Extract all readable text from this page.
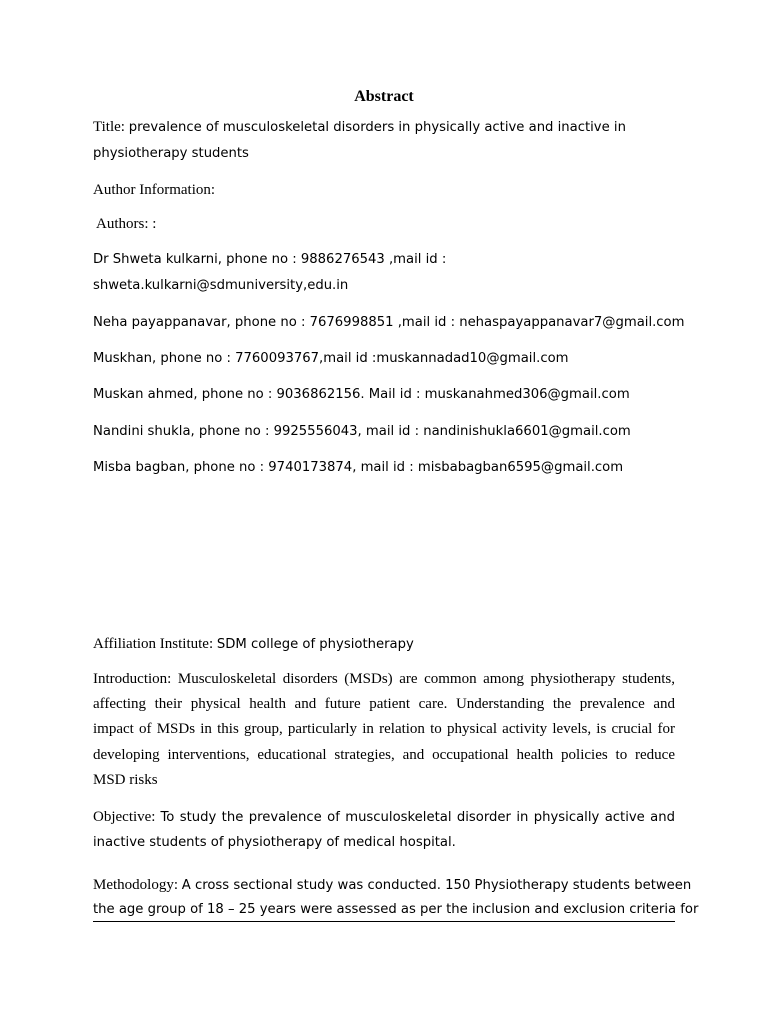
Abstract
Title: prevalence of musculoskeletal disorders in physically active and inactive in
physiotherapy students
Author Information:
Authors: :
Dr Shweta kulkarni, phone no : 9886276543 ,mail id :
shweta.kulkarni@sdmuniversity,edu.in
Neha payappanavar, phone no : 7676998851 ,mail id : nehaspayappanavar7@gmail.com
Muskhan, phone no : 7760093767,mail id :muskannadad10@gmail.com
Muskan ahmed, phone no : 9036862156. Mail id : muskanahmed306@gmail.com
Nandini shukla, phone no : 9925556043, mail id : nandinishukla6601@gmail.com
Misba bagban, phone no : 9740173874, mail id : misbabagban6595@gmail.com
Affiliation Institute: SDM college of physiotherapy
Introduction: Musculoskeletal disorders (MSDs) are common among physiotherapy students,
affecting their physical health and future patient care. Understanding the prevalence and
impact of MSDs in this group, particularly in relation to physical activity levels, is crucial for
developing interventions, educational strategies, and occupational health policies to reduce
MSD risks
Objective: To study the prevalence of musculoskeletal disorder in physically active and
inactive students of physiotherapy of medical hospital.
Methodology: A cross sectional study was conducted. 150 Physiotherapy students between
the age group of 18 – 25 years were assessed as per the inclusion and exclusion criteria for
